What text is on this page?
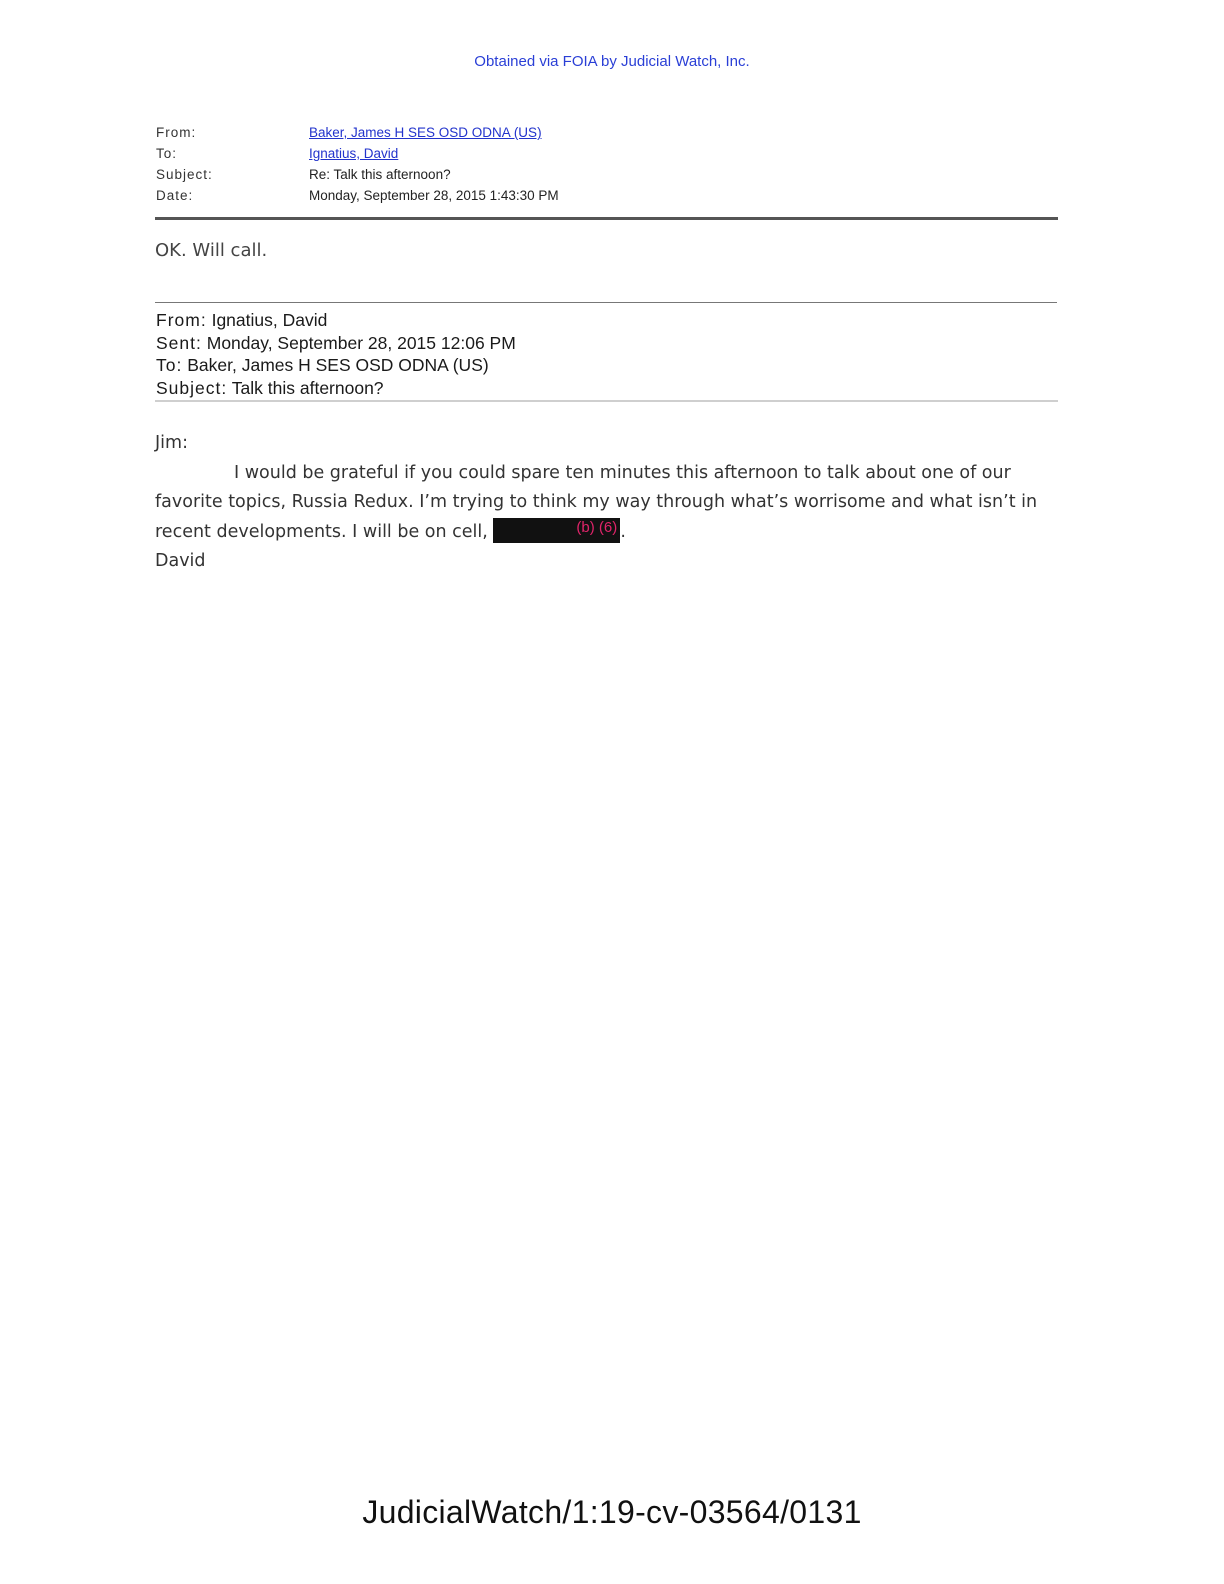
Obtained via FOIA by Judicial Watch, Inc.
From:	Baker, James H SES OSD ODNA (US)
To:	Ignatius, David
Subject:	Re: Talk this afternoon?
Date:	Monday, September 28, 2015 1:43:30 PM
OK. Will call.
From: Ignatius, David
Sent: Monday, September 28, 2015 12:06 PM
To: Baker, James H SES OSD ODNA (US)
Subject: Talk this afternoon?

Jim:

I would be grateful if you could spare ten minutes this afternoon to talk about one of our favorite topics, Russia Redux. I’m trying to think my way through what’s worrisome and what isn’t in recent developments. I will be on cell,	(b) (6) .

David

JudicialWatch/1:19-cv-03564/0131
